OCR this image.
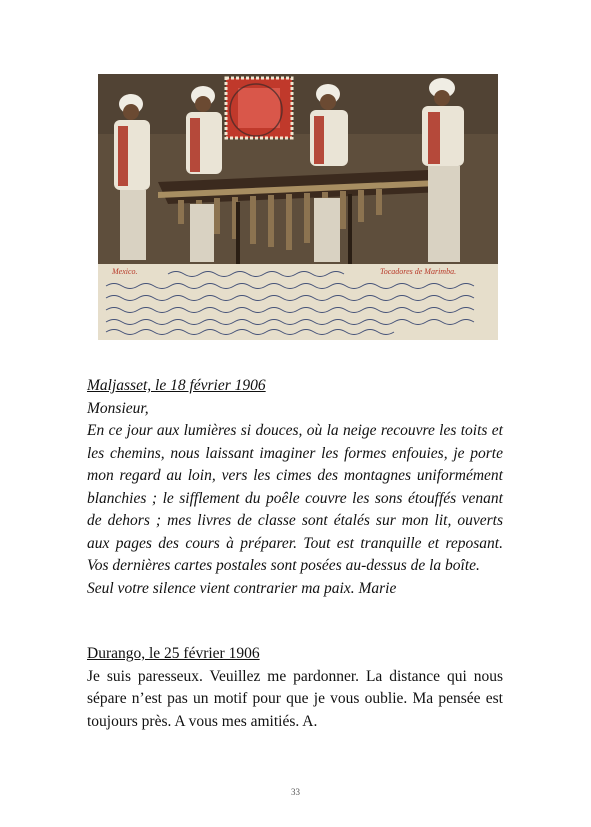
Mexico.	Tocadores de Marimba.
Maljasset, le 18 février 1906

Monsieur,

En ce jour aux lumières si douces, où la neige recouvre les toits et les chemins, nous laissant imaginer les formes enfouies, je porte mon regard au loin, vers les cimes des montagnes uniformément blanchies ; le sifflement du poêle couvre les sons étouffés venant de dehors ; mes livres de classe sont étalés sur mon lit, ouverts aux pages des cours à préparer. Tout est tranquille et reposant. Vos dernières cartes postales sont posées au-dessus de la boîte.

Seul votre silence vient contrarier ma paix. Marie

Durango, le 25 février 1906

Je suis paresseux. Veuillez me pardonner. La distance qui nous sépare n’est pas un motif pour que je vous oublie. Ma pensée est toujours près. A vous mes amitiés. A.

33
